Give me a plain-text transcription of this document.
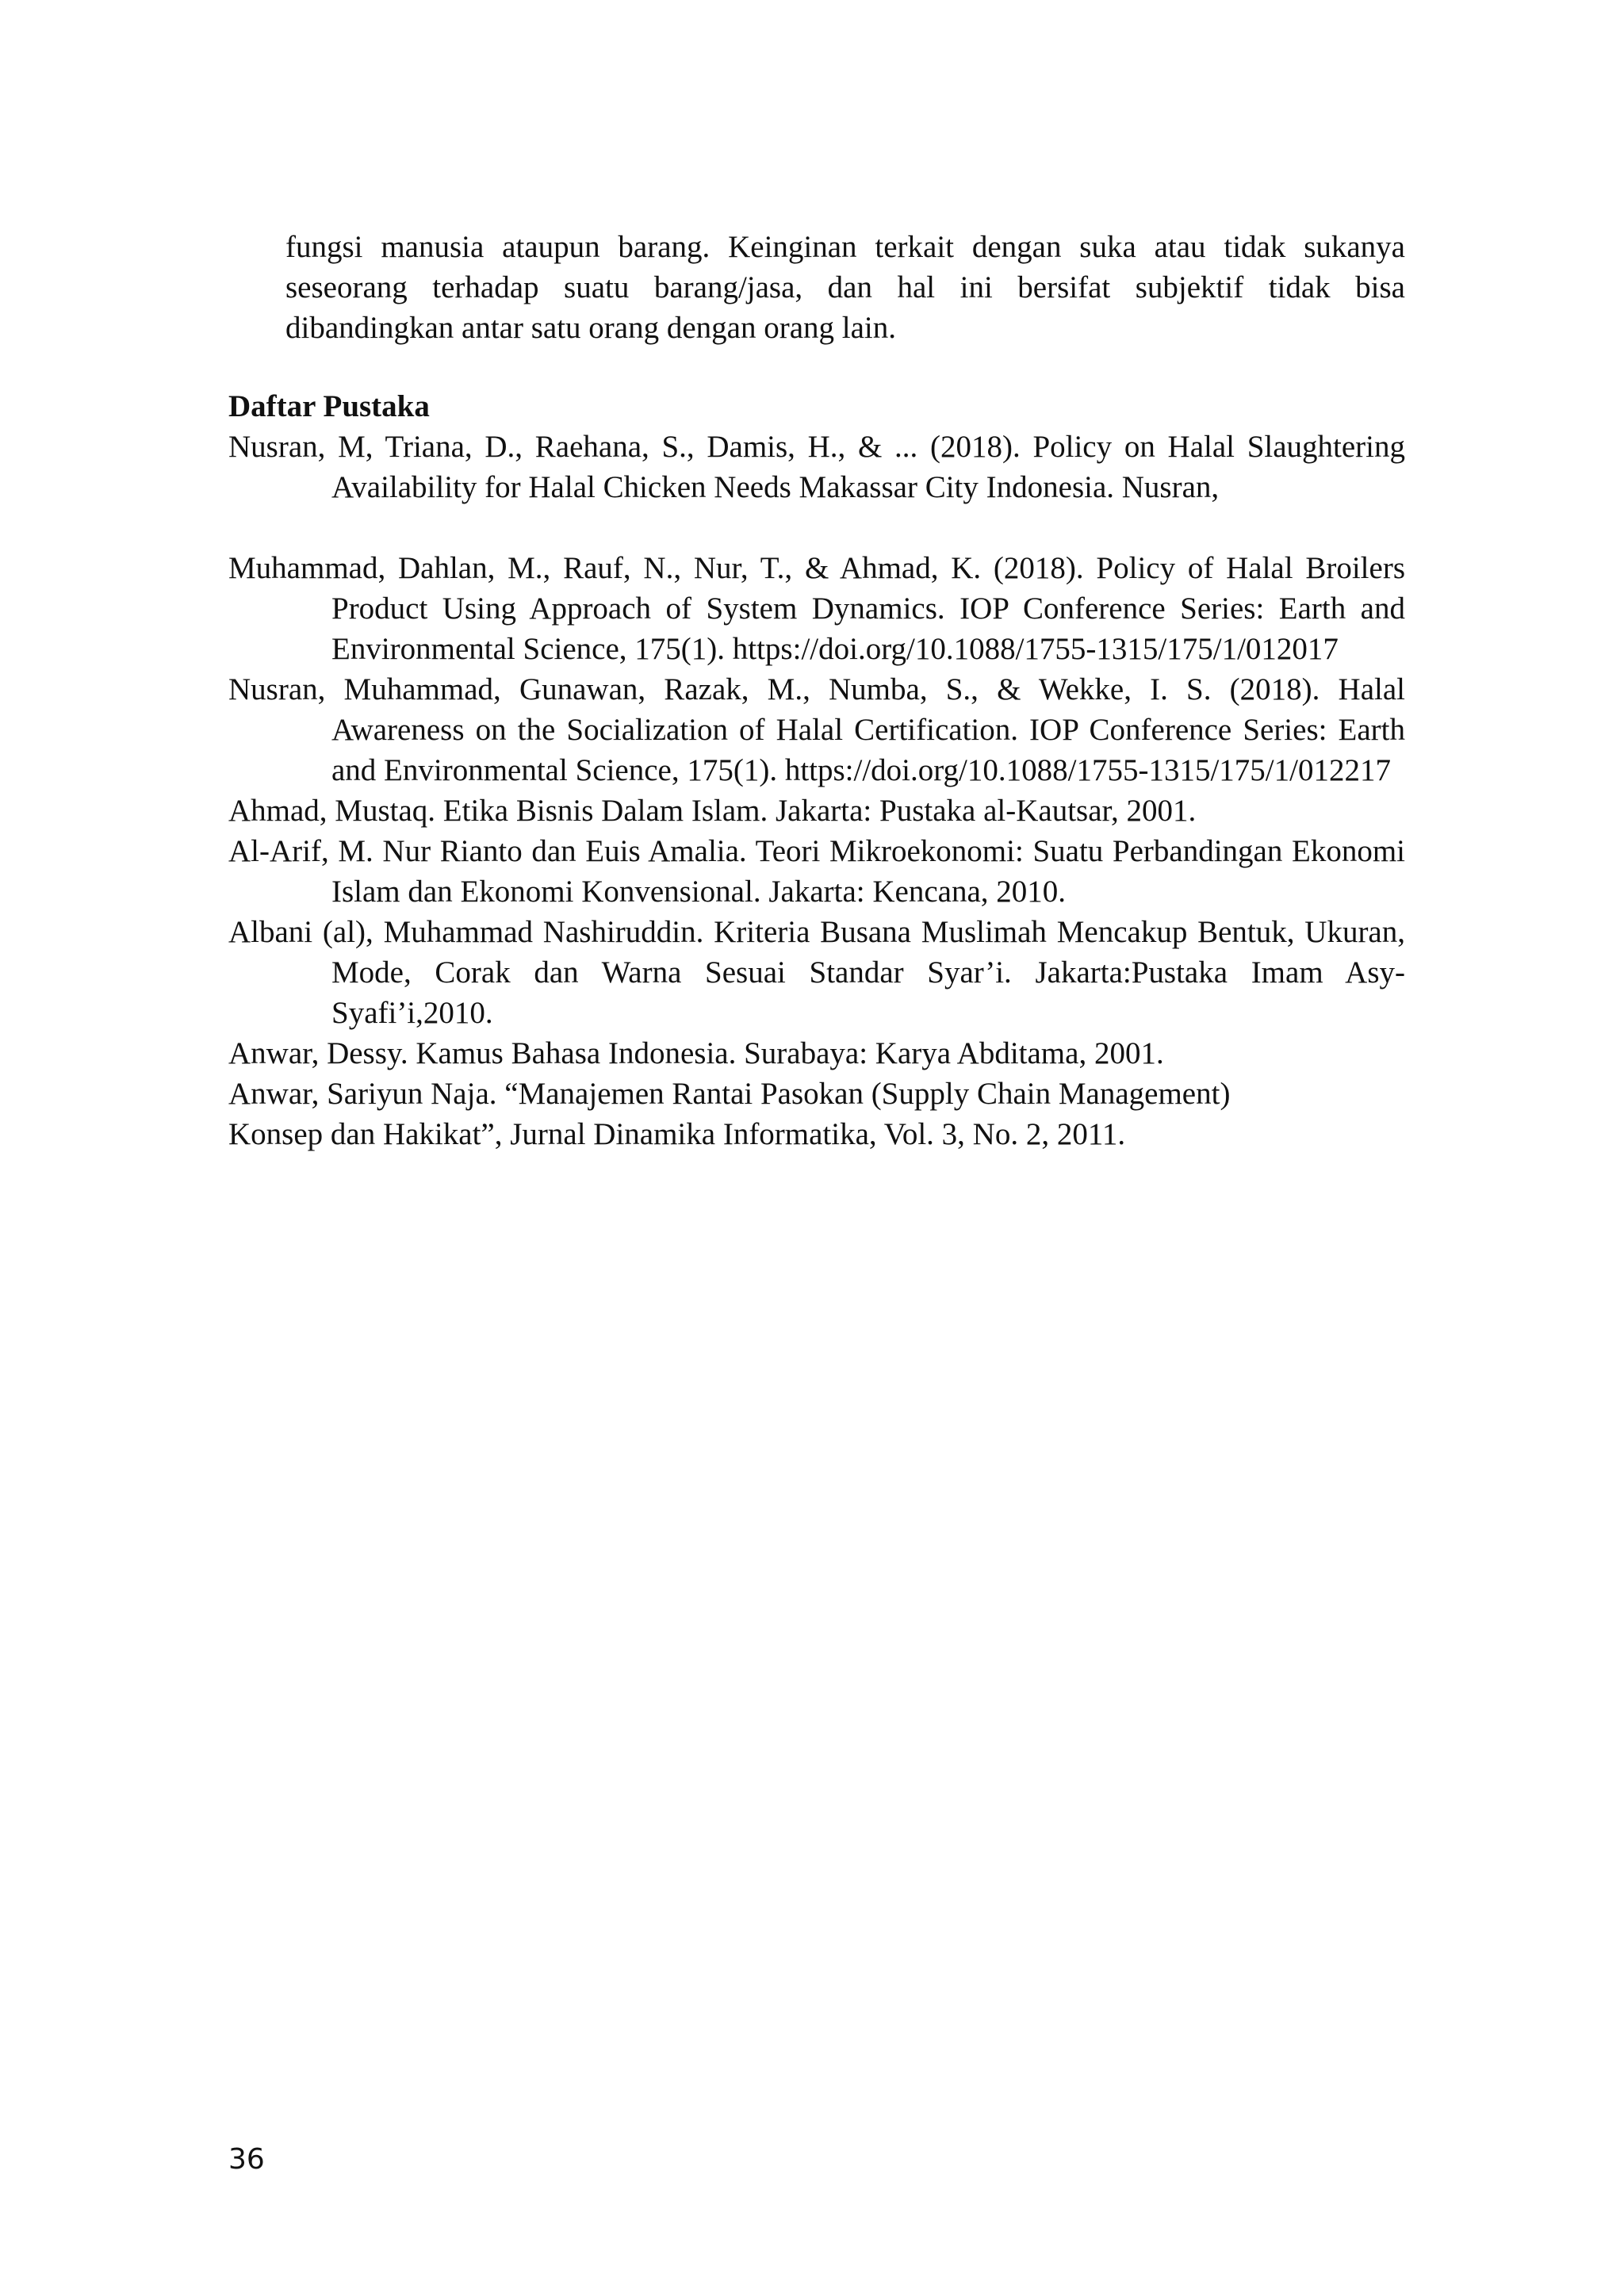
fungsi manusia ataupun barang. Keinginan terkait dengan suka atau tidak sukanya seseorang terhadap suatu barang/jasa, dan hal ini bersifat subjektif tidak bisa dibandingkan antar satu orang dengan orang lain.

Daftar Pustaka
Nusran, M, Triana, D., Raehana, S., Damis, H., & ... (2018). Policy on Halal Slaughtering Availability for Halal Chicken Needs Makassar City Indonesia. Nusran,
Muhammad, Dahlan, M., Rauf, N., Nur, T., & Ahmad, K. (2018). Policy of Halal Broilers Product Using Approach of System Dynamics. IOP Conference Series: Earth and Environmental Science, 175(1). https://doi.org/10.1088/1755-1315/175/1/012017
Nusran, Muhammad, Gunawan, Razak, M., Numba, S., & Wekke, I. S. (2018). Halal Awareness on the Socialization of Halal Certification. IOP Conference Series: Earth and Environmental Science, 175(1). https://doi.org/10.1088/1755-1315/175/1/012217
Ahmad, Mustaq. Etika Bisnis Dalam Islam. Jakarta: Pustaka al-Kautsar, 2001.
Al-Arif, M. Nur Rianto dan Euis Amalia. Teori Mikroekonomi: Suatu Perbandingan Ekonomi Islam dan Ekonomi Konvensional. Jakarta: Kencana, 2010.
Albani (al), Muhammad Nashiruddin. Kriteria Busana Muslimah Mencakup Bentuk, Ukuran, Mode, Corak dan Warna Sesuai Standar Syar’i. Jakarta:Pustaka Imam Asy-Syafi’i,2010.
Anwar, Dessy. Kamus Bahasa Indonesia. Surabaya: Karya Abditama, 2001.
Anwar, Sariyun Naja. “Manajemen Rantai Pasokan (Supply Chain Management)
Konsep dan Hakikat”, Jurnal Dinamika Informatika, Vol. 3, No. 2, 2011.

36
